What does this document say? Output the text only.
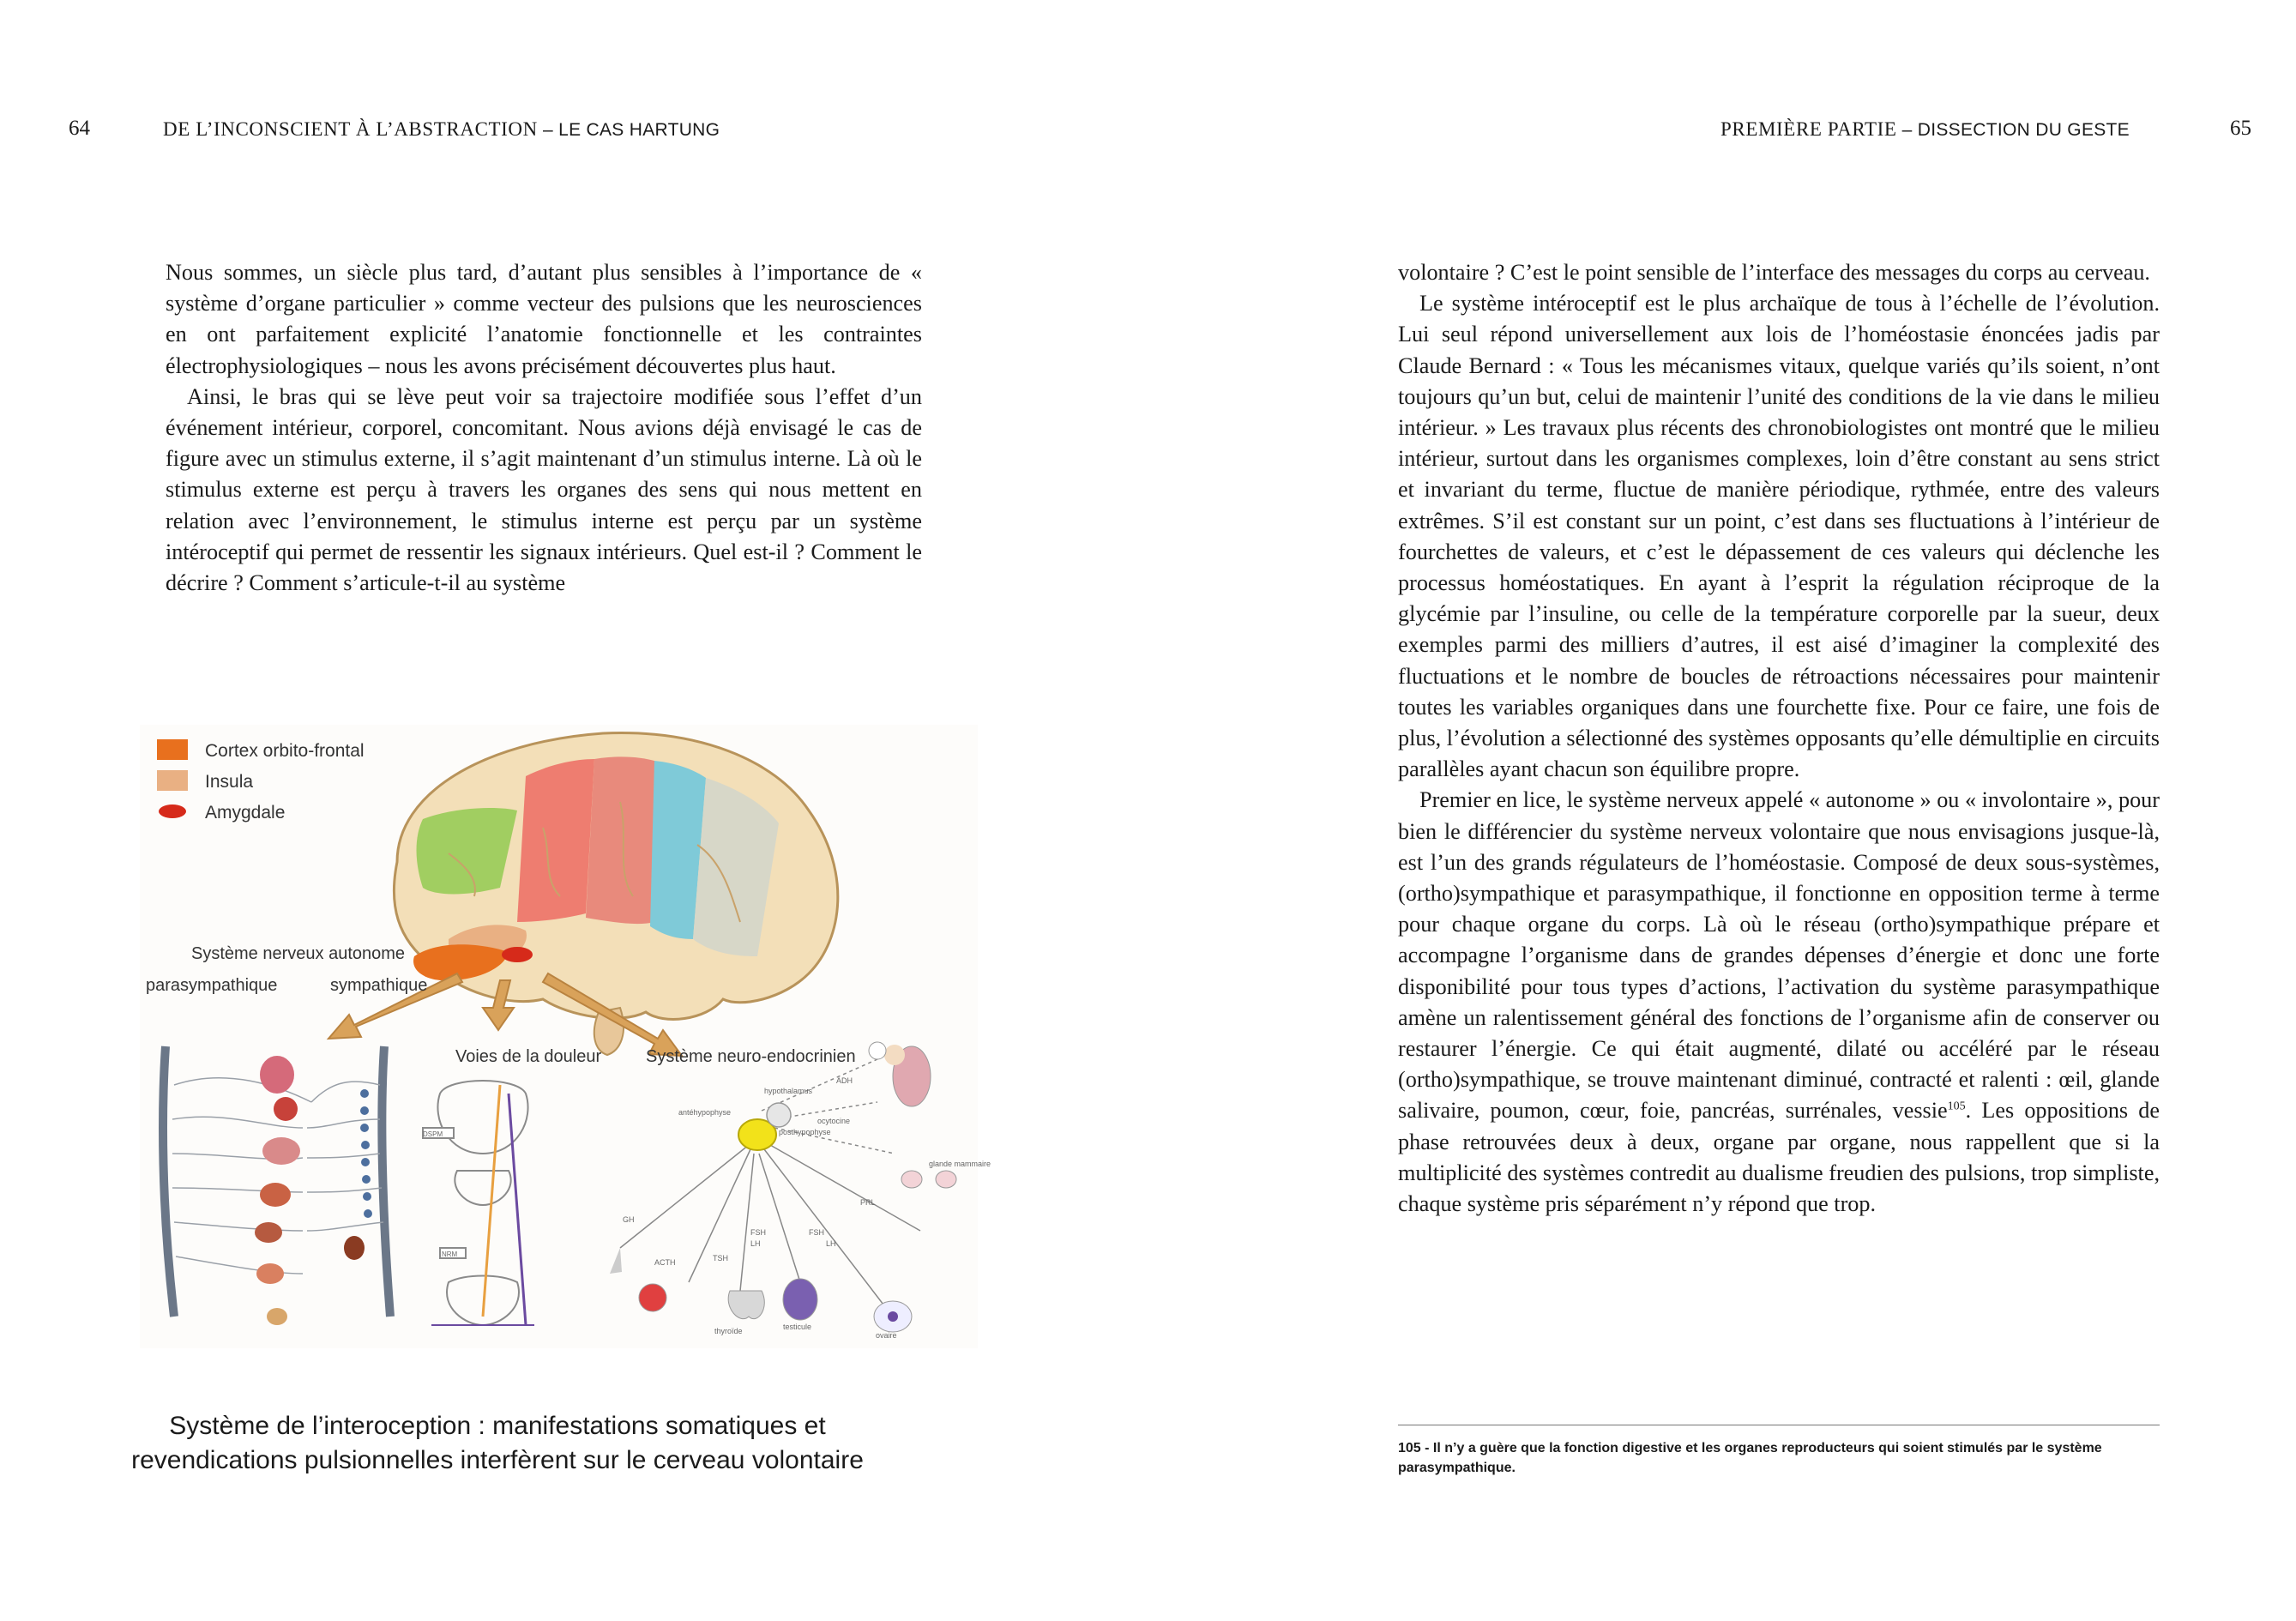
64	DE L’INCONSCIENT À L’ABSTRACTION – LE CAS HARTUNG

Nous sommes, un siècle plus tard, d’autant plus sensibles à l’importance de « système d’organe particulier » comme vecteur des pulsions que les neurosciences en ont parfaitement explicité l’anatomie fonctionnelle et les contraintes électrophysiologiques – nous les avons précisément découvertes plus haut.

Ainsi, le bras qui se lève peut voir sa trajectoire modifiée sous l’effet d’un événement intérieur, corporel, concomitant. Nous avions déjà envisagé le cas de figure avec un stimulus externe, il s’agit maintenant d’un stimulus interne. Là où le stimulus externe est perçu à travers les organes des sens qui nous mettent en relation avec l’environnement, le stimulus interne est perçu par un système intéroceptif qui permet de ressentir les signaux intérieurs. Quel est-il ? Comment le décrire ? Comment s’articule-t-il au système

Cortex orbito-frontal
Insula
Amygdale
Système nerveux autonome
parasympathique	sympathique
Voies de la douleur	Système neuro-endocrinien
DSPM
NRM
ADH
GH
ACTH	TSH
FSH
LH
FSH
LH
PRL
ocytocine
antéhypophyse
posthypophyse
hypothalamus
thyroïde	testicule
ovaire
glande mammaire
Système de l’interoception : manifestations somatiques et
revendications pulsionnelles interfèrent sur le cerveau volontaire
PREMIÈRE PARTIE – DISSECTION DU GESTE	65

volontaire ? C’est le point sensible de l’interface des messages du corps au cerveau.

Le système intéroceptif est le plus archaïque de tous à l’échelle de l’évolution. Lui seul répond universellement aux lois de l’homéostasie énoncées jadis par Claude Bernard : « Tous les mécanismes vitaux, quelque variés qu’ils soient, n’ont toujours qu’un but, celui de maintenir l’unité des conditions de la vie dans le milieu intérieur. » Les travaux plus récents des chronobiologistes ont montré que le milieu intérieur, surtout dans les organismes complexes, loin d’être constant au sens strict et invariant du terme, fluctue de manière périodique, rythmée, entre des valeurs extrêmes. S’il est constant sur un point, c’est dans ses fluctuations à l’intérieur de fourchettes de valeurs, et c’est le dépassement de ces valeurs qui déclenche les processus homéostatiques. En ayant à l’esprit la régulation réciproque de la glycémie par l’insuline, ou celle de la température corporelle par la sueur, deux exemples parmi des milliers d’autres, il est aisé d’imaginer la complexité des fluctuations et le nombre de boucles de rétroactions nécessaires pour maintenir toutes les variables organiques dans une fourchette fixe. Pour ce faire, une fois de plus, l’évolution a sélectionné des systèmes opposants qu’elle démultiplie en circuits parallèles ayant chacun son équilibre propre.

Premier en lice, le système nerveux appelé « autonome » ou « involontaire », pour bien le différencier du système nerveux volontaire que nous envisagions jusque-là, est l’un des grands régulateurs de l’homéostasie. Composé de deux sous-systèmes, (ortho)sympathique et parasympathique, il fonctionne en opposition terme à terme pour chaque organe du corps. Là où le réseau (ortho)sympathique prépare et accompagne l’organisme dans de grandes dépenses d’énergie et donc une forte disponibilité pour tous types d’actions, l’activation du système parasympathique amène un ralentissement général des fonctions de l’organisme afin de conserver ou restaurer l’énergie. Ce qui était augmenté, dilaté ou accéléré par le réseau (ortho)sympathique, se trouve maintenant diminué, contracté et ralenti : œil, glande salivaire, poumon, cœur, foie, pancréas, surrénales, vessie$^{105}$. Les oppositions de phase retrouvées deux à deux, organe par organe, nous rappellent que si la multiplicité des systèmes contredit au dualisme freudien des pulsions, trop simpliste, chaque système pris séparément n’y répond que trop.

105 - Il n’y a guère que la fonction digestive et les organes reproducteurs qui soient stimulés par le système parasympathique.
